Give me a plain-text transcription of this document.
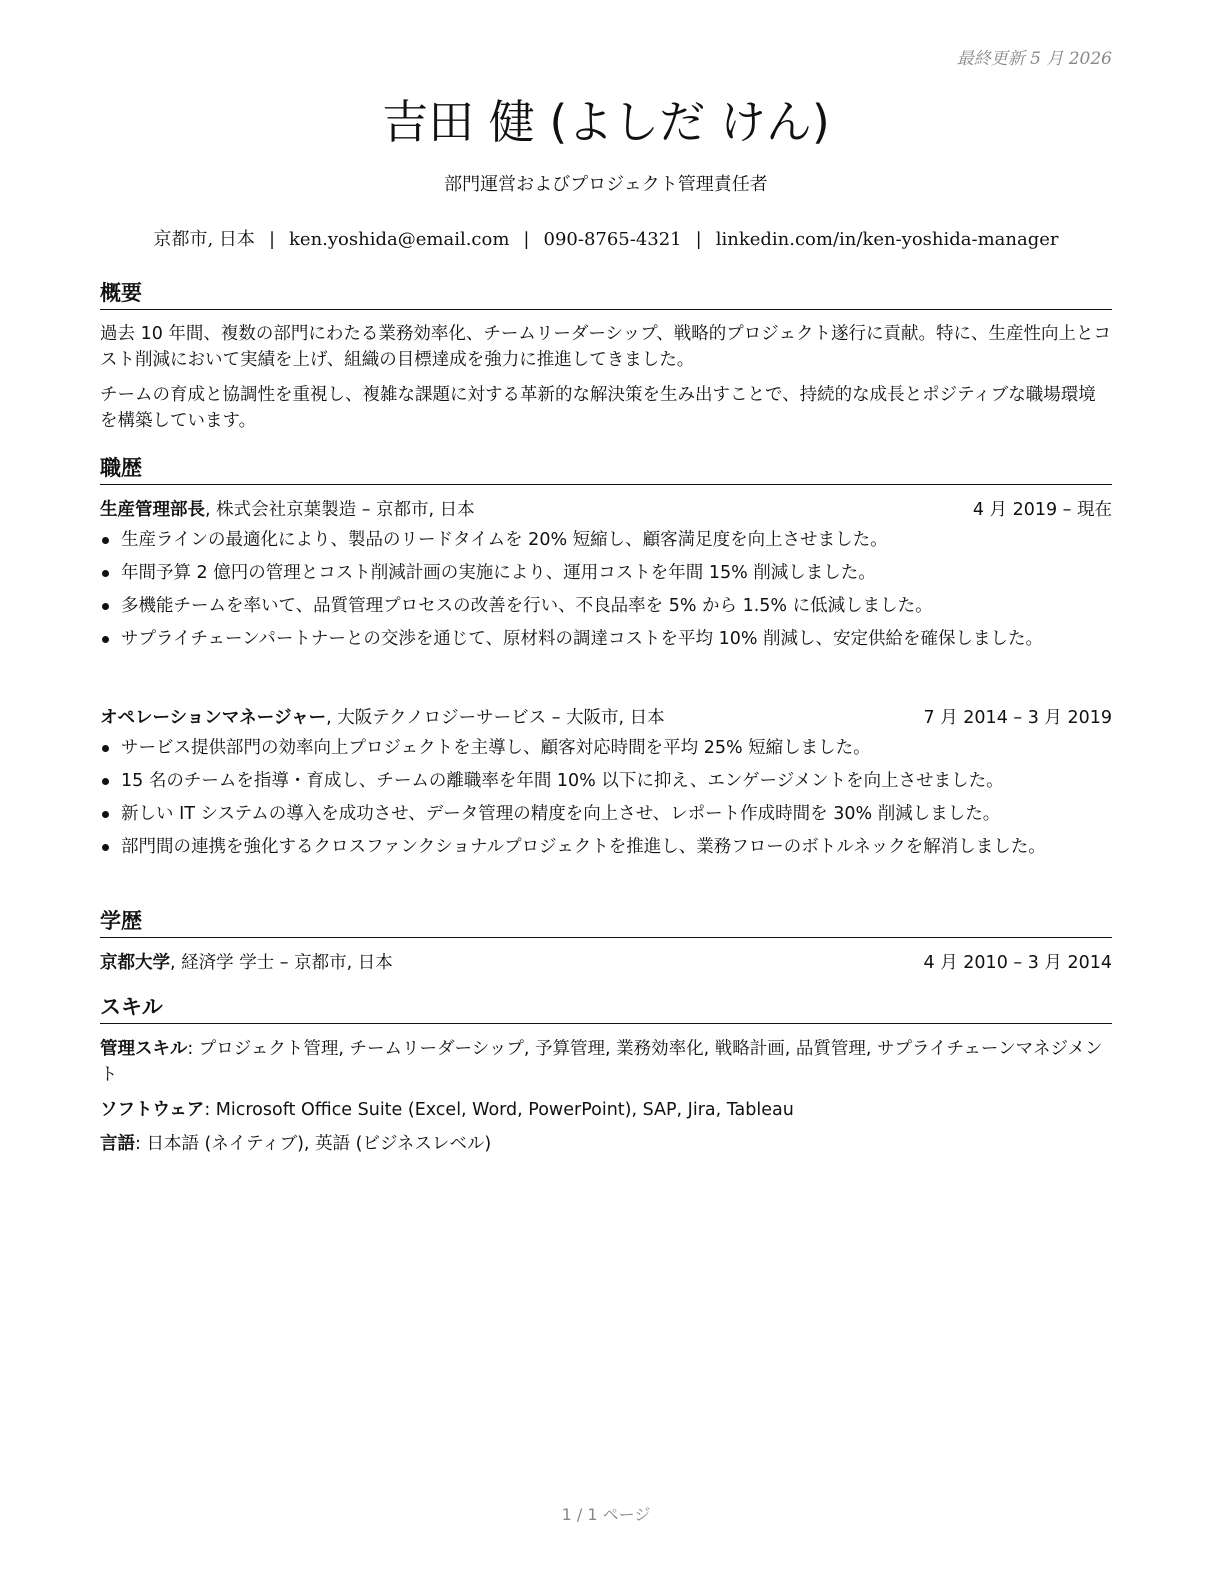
最終更新 5 月 2026
吉田 健 (よしだ けん)
部門運営およびプロジェクト管理責任者
京都市, 日本 | ken.yoshida@email.com | 090-8765-4321 | linkedin.com/in/ken-yoshida-manager
概要
過去 10 年間、複数の部門にわたる業務効率化、チームリーダーシップ、戦略的プロジェクト遂行に貢献。特に、生産性向上とコスト削減において実績を上げ、組織の目標達成を強力に推進してきました。
チームの育成と協調性を重視し、複雑な課題に対する革新的な解決策を生み出すことで、持続的な成長とポジティブな職場環境を構築しています。
職歴
生産管理部長, 株式会社京葉製造 – 京都市, 日本	4 月 2019 – 現在
生産ラインの最適化により、製品のリードタイムを 20% 短縮し、顧客満足度を向上させました。
年間予算 2 億円の管理とコスト削減計画の実施により、運用コストを年間 15% 削減しました。
多機能チームを率いて、品質管理プロセスの改善を行い、不良品率を 5% から 1.5% に低減しました。
サプライチェーンパートナーとの交渉を通じて、原材料の調達コストを平均 10% 削減し、安定供給を確保しました。
オペレーションマネージャー, 大阪テクノロジーサービス – 大阪市, 日本	7 月 2014 – 3 月 2019
サービス提供部門の効率向上プロジェクトを主導し、顧客対応時間を平均 25% 短縮しました。
15 名のチームを指導・育成し、チームの離職率を年間 10% 以下に抑え、エンゲージメントを向上させました。
新しい IT システムの導入を成功させ、データ管理の精度を向上させ、レポート作成時間を 30% 削減しました。
部門間の連携を強化するクロスファンクショナルプロジェクトを推進し、業務フローのボトルネックを解消しました。
学歴
京都大学, 経済学 学士 – 京都市, 日本	4 月 2010 – 3 月 2014
スキル
管理スキル: プロジェクト管理, チームリーダーシップ, 予算管理, 業務効率化, 戦略計画, 品質管理, サプライチェーンマネジメント
ソフトウェア: Microsoft Office Suite (Excel, Word, PowerPoint), SAP, Jira, Tableau
言語: 日本語 (ネイティブ), 英語 (ビジネスレベル)
1 / 1 ページ
